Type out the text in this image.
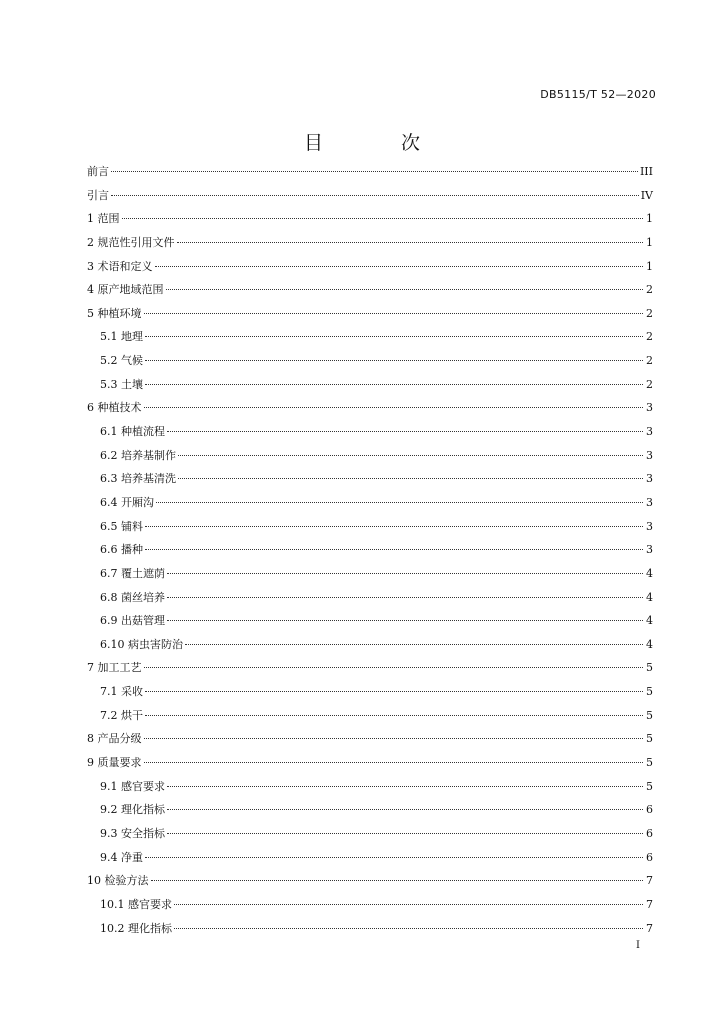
DB5115/T 52—2020
目 次
前言	III
引言	IV
1 范围	1
2 规范性引用文件	1
3 术语和定义	1
4 原产地域范围	2
5 种植环境	2
5.1 地理	2
5.2 气候	2
5.3 土壤	2
6 种植技术	3
6.1 种植流程	3
6.2 培养基制作	3
6.3 培养基清洗	3
6.4 开厢沟	3
6.5 铺料	3
6.6 播种	3
6.7 覆土遮荫	4
6.8 菌丝培养	4
6.9 出菇管理	4
6.10 病虫害防治	4
7 加工工艺	5
7.1 采收	5
7.2 烘干	5
8 产品分级	5
9 质量要求	5
9.1 感官要求	5
9.2 理化指标	6
9.3 安全指标	6
9.4 净重	6
10 检验方法	7
10.1 感官要求	7
10.2 理化指标	7
I
